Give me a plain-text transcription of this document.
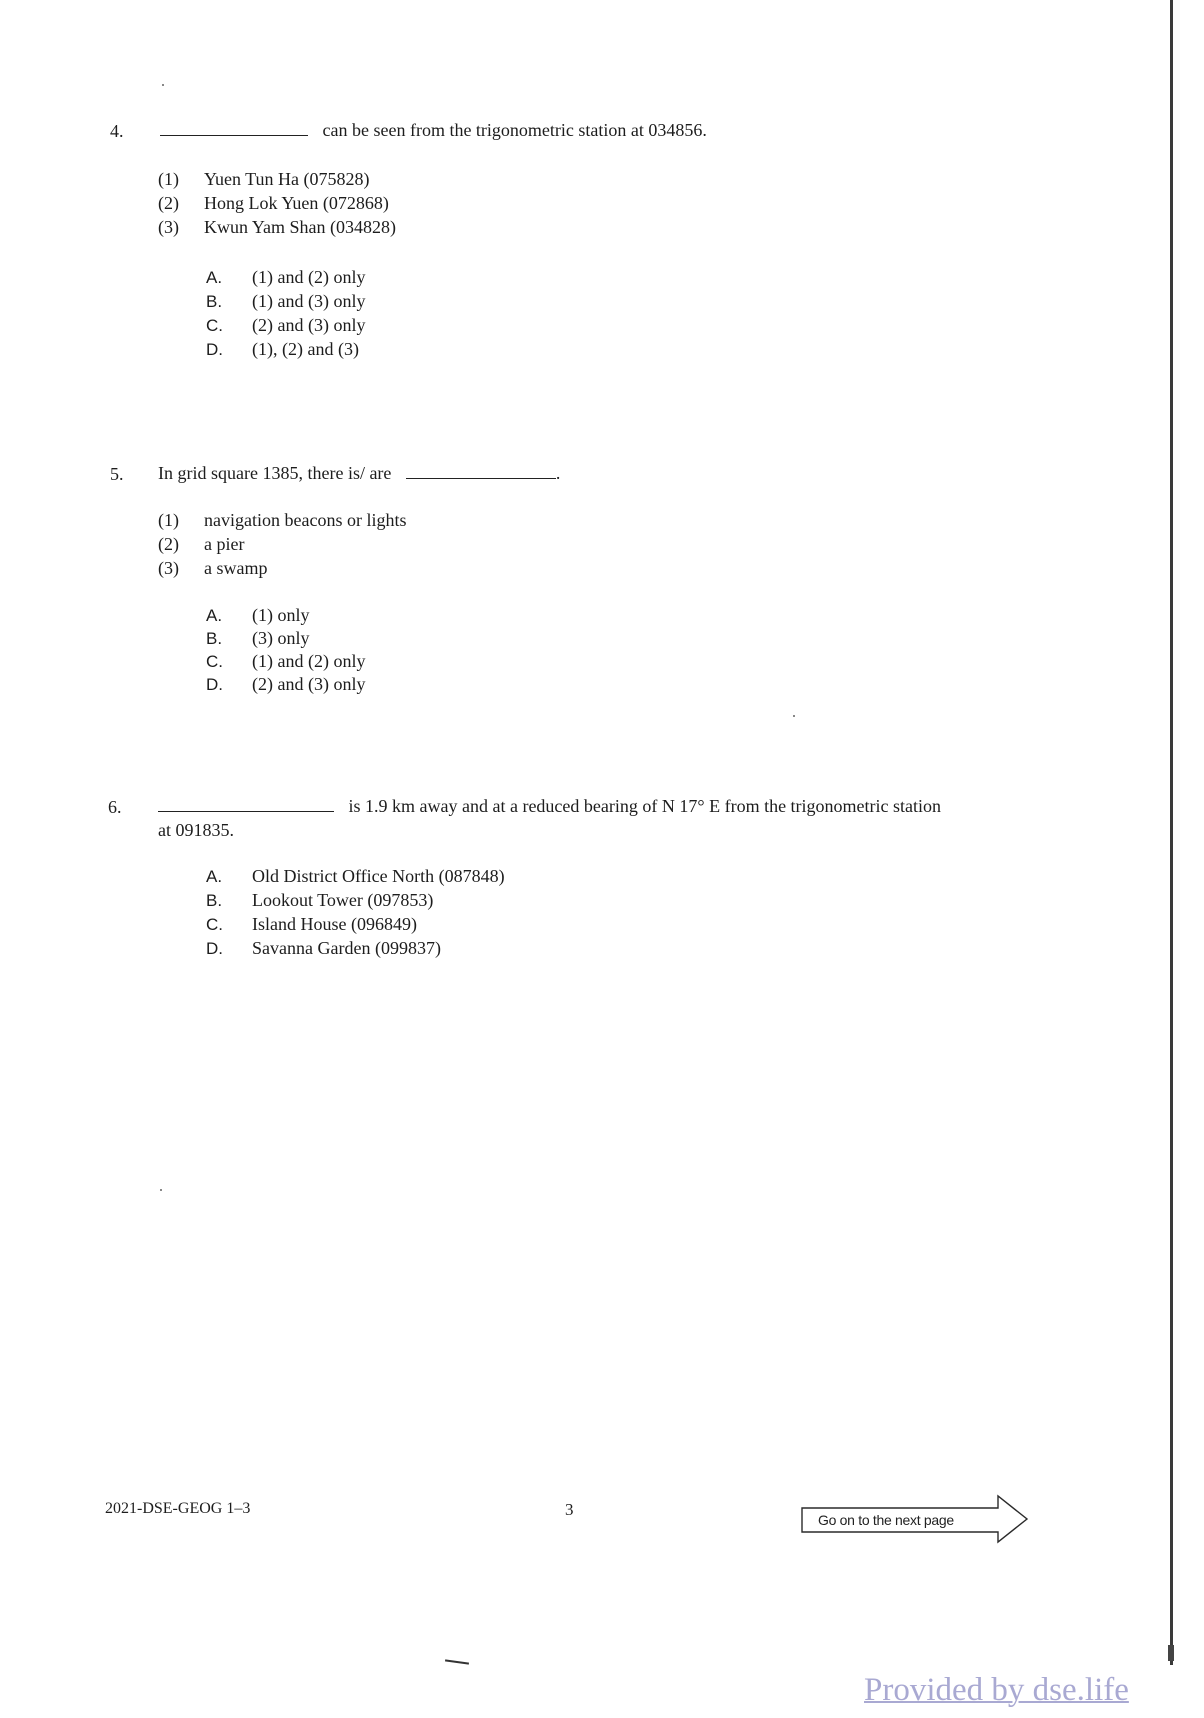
4.	can be seen from the trigonometric station at 034856.
(1) Yuen Tun Ha (075828)
(2) Hong Lok Yuen (072868)
(3) Kwun Yam Shan (034828)
A. (1) and (2) only
B. (1) and (3) only
C. (2) and (3) only
D. (1), (2) and (3)
5. In grid square 1385, there is/ are	.
(1) navigation beacons or lights
(2) a pier
(3) a swamp
A. (1) only
B. (3) only
C. (1) and (2) only
D. (2) and (3) only
6.	is 1.9 km away and at a reduced bearing of N 17° E from the trigonometric station
at 091835.
A. Old District Office North (087848)
B. Lookout Tower (097853)
C. Island House (096849)
D. Savanna Garden (099837)
2021-DSE-GEOG 1–3	3
Go on to the next page
Provided by dse.life
